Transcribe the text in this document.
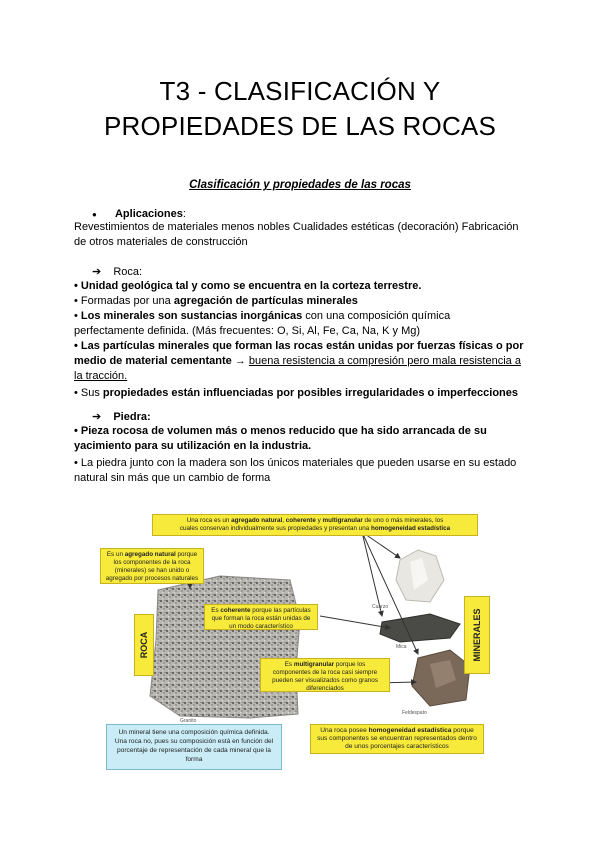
T3 - CLASIFICACIÓN Y
PROPIEDADES DE LAS ROCAS
Clasificación y propiedades de las rocas
● Aplicaciones:
Revestimientos de materiales menos nobles Cualidades estéticas (decoración) Fabricación
de otros materiales de construcción
➔ Roca:
• Unidad geológica tal y como se encuentra en la corteza terrestre.
• Formadas por una agregación de partículas minerales
• Los minerales son sustancias inorgánicas con una composición química
perfectamente definida. (Más frecuentes: O, Si, Al, Fe, Ca, Na, K y Mg)
• Las partículas minerales que forman las rocas están unidas por fuerzas físicas o por
medio de material cementante → buena resistencia a compresión pero mala resistencia a
la tracción.
• Sus propiedades están influenciadas por posibles irregularidades o imperfecciones
➔ Piedra:
• Pieza rocosa de volumen más o menos reducido que ha sido arrancada de su
yacimiento para su utilización en la industria.
• La piedra junto con la madera son los únicos materiales que pueden usarse en su estado
natural sin más que un cambio de forma
Una roca es un agregado natural, coherente y multigranular de uno o más minerales, los
cuales conservan individualmente sus propiedades y presentan una homogeneidad estadística
Es un agregado natural porque los componentes de la roca (minerales) se han unido o agregado por procesos naturales
ROCA
Es coherente porque las partículas que forman la roca están unidas de un modo característico
Es multigranular porque los componentes de la roca casi siempre pueden ser visualizados como granos diferenciados
MINERALES
Granito
Cuarzo
Mica
Feldespato
Un mineral tiene una composición química definida. Una roca no, pues su composición está en función del porcentaje de representación de cada mineral que la forma
Una roca posee homogeneidad estadística porque sus componentes se encuentran representados dentro de unos porcentajes característicos
